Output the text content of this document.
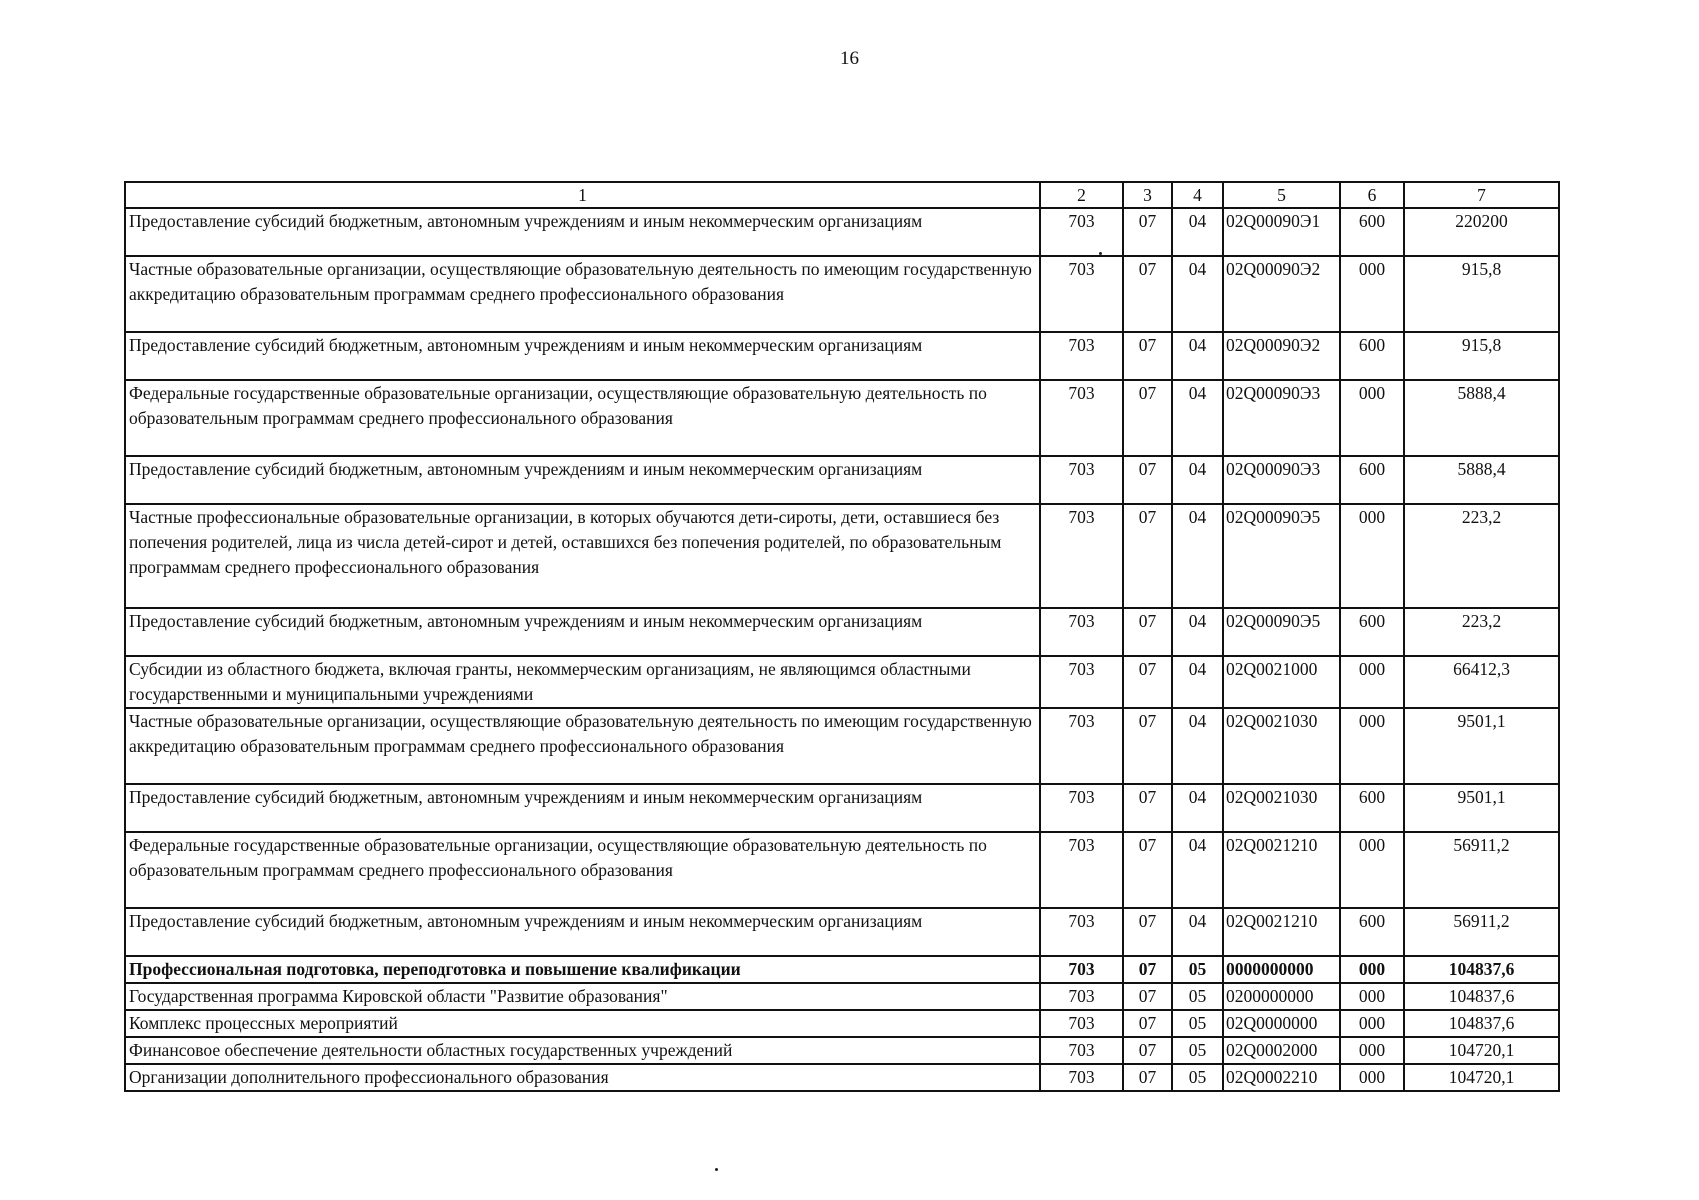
16
1	2	3	4	5	6	7
Предоставление субсидий бюджетным, автономным учреждениям и иным некоммерческим организациям	703	07	04	02Q00090Э1	600	220200
Частные образовательные организации, осуществляющие образовательную деятельность по имеющим государственную аккредитацию образовательным программам среднего профессионального образования	703	07	04	02Q00090Э2	000	915,8
Предоставление субсидий бюджетным, автономным учреждениям и иным некоммерческим организациям	703	07	04	02Q00090Э2	600	915,8
Федеральные государственные образовательные организации, осуществляющие образовательную деятельность по образовательным программам среднего профессионального образования	703	07	04	02Q00090Э3	000	5888,4
Предоставление субсидий бюджетным, автономным учреждениям и иным некоммерческим организациям	703	07	04	02Q00090Э3	600	5888,4
Частные профессиональные образовательные организации, в которых обучаются дети-сироты, дети, оставшиеся без попечения родителей, лица из числа детей-сирот и детей, оставшихся без попечения родителей, по образовательным программам среднего профессионального образования	703	07	04	02Q00090Э5	000	223,2
Предоставление субсидий бюджетным, автономным учреждениям и иным некоммерческим организациям	703	07	04	02Q00090Э5	600	223,2
Субсидии из областного бюджета, включая гранты, некоммерческим организациям, не являющимся областными государственными и муниципальными учреждениями	703	07	04	02Q0021000	000	66412,3
Частные образовательные организации, осуществляющие образовательную деятельность по имеющим государственную аккредитацию образовательным программам среднего профессионального образования	703	07	04	02Q0021030	000	9501,1
Предоставление субсидий бюджетным, автономным учреждениям и иным некоммерческим организациям	703	07	04	02Q0021030	600	9501,1
Федеральные государственные образовательные организации, осуществляющие образовательную деятельность по образовательным программам среднего профессионального образования	703	07	04	02Q0021210	000	56911,2
Предоставление субсидий бюджетным, автономным учреждениям и иным некоммерческим организациям	703	07	04	02Q0021210	600	56911,2
Профессиональная подготовка, переподготовка и повышение квалификации	703	07	05	0000000000	000	104837,6
Государственная программа Кировской области "Развитие образования"	703	07	05	0200000000	000	104837,6
Комплекс процессных мероприятий	703	07	05	02Q0000000	000	104837,6
Финансовое обеспечение деятельности областных государственных учреждений	703	07	05	02Q0002000	000	104720,1
Организации дополнительного профессионального образования	703	07	05	02Q0002210	000	104720,1
